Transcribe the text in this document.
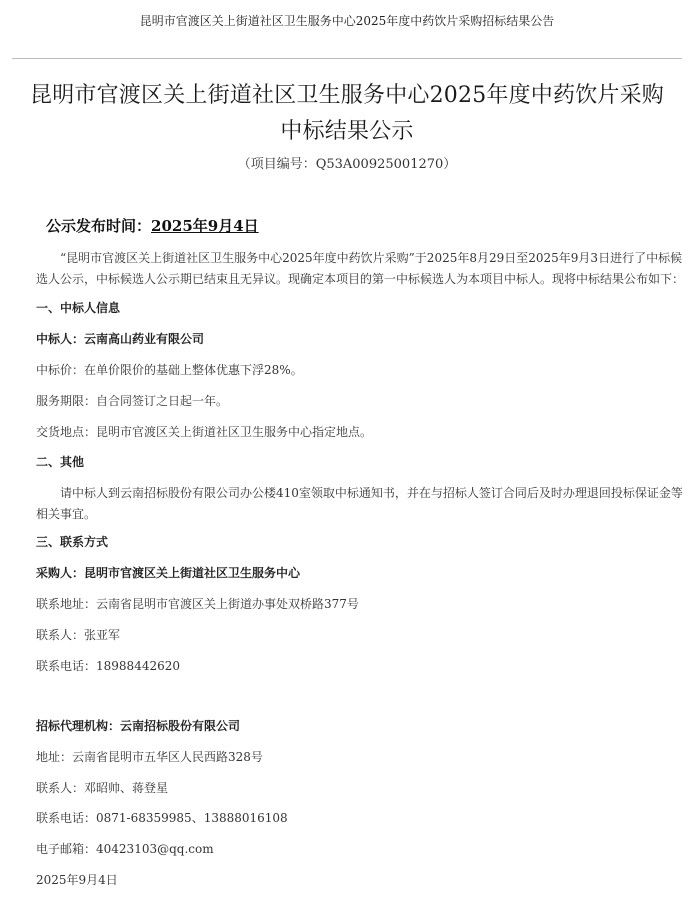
昆明市官渡区关上街道社区卫生服务中心2025年度中药饮片采购招标结果公告
昆明市官渡区关上街道社区卫生服务中心2025年度中药饮片采购
中标结果公示
（项目编号：Q53A00925001270）
公示发布时间：2025年9月4日
“昆明市官渡区关上街道社区卫生服务中心2025年度中药饮片采购”于2025年8月29日至2025年9月3日进行了中标候选人公示，中标候选人公示期已结束且无异议。现确定本项目的第一中标候选人为本项目中标人。现将中标结果公布如下：
一、中标人信息
中标人：云南高山药业有限公司
中标价：在单价限价的基础上整体优惠下浮28%。
服务期限：自合同签订之日起一年。
交货地点：昆明市官渡区关上街道社区卫生服务中心指定地点。
二、其他
请中标人到云南招标股份有限公司办公楼410室领取中标通知书，并在与招标人签订合同后及时办理退回投标保证金等相关事宜。
三、联系方式
采购人：昆明市官渡区关上街道社区卫生服务中心
联系地址：云南省昆明市官渡区关上街道办事处双桥路377号
联系人：张亚军
联系电话：18988442620
招标代理机构：云南招标股份有限公司
地址：云南省昆明市五华区人民西路328号
联系人：邓昭帅、蒋登星
联系电话：0871-68359985、13888016108
电子邮箱：40423103@qq.com
2025年9月4日
